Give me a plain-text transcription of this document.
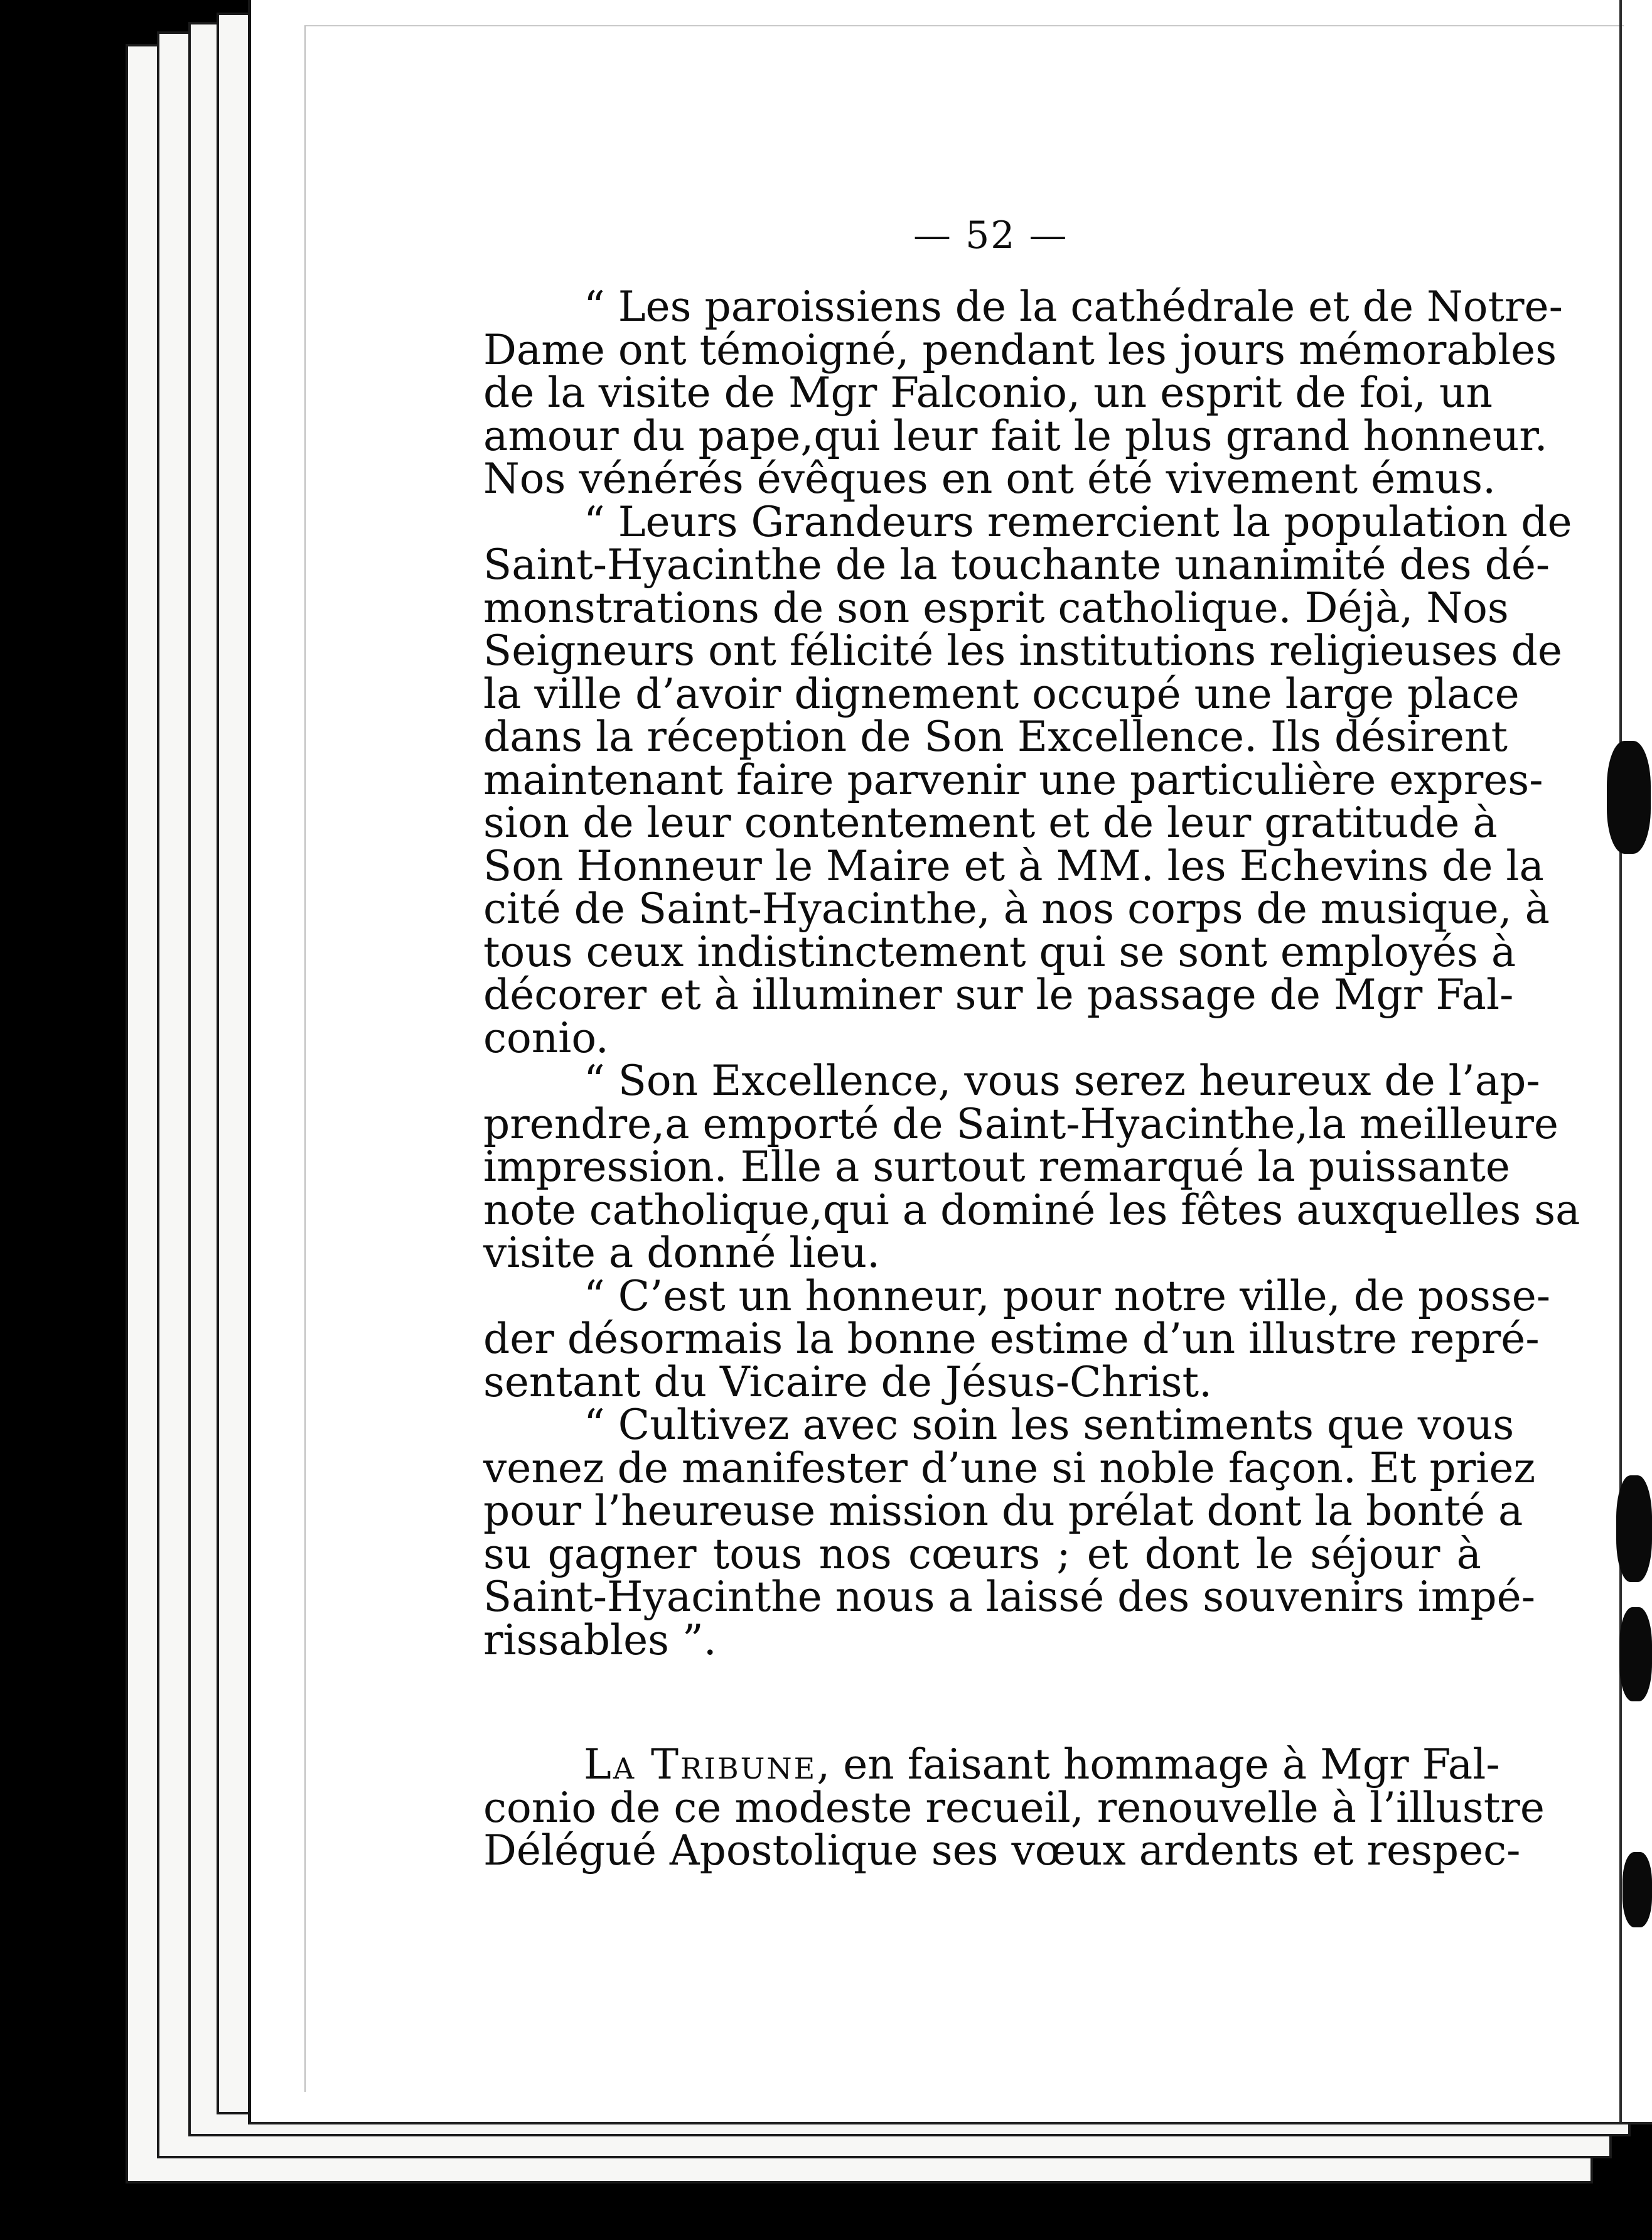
— 52 —
“ Les paroissiens de la cathédrale et de Notre-
Dame ont témoigné, pendant les jours mémorables
de la visite de Mgr Falconio, un esprit de foi, un
amour du pape,qui leur fait le plus grand honneur.
Nos vénérés évêques en ont été vivement émus.
“ Leurs Grandeurs remercient la population de
Saint-Hyacinthe de la touchante unanimité des dé-
monstrations de son esprit catholique. Déjà, Nos
Seigneurs ont félicité les institutions religieuses de
la ville d’avoir dignement occupé une large place
dans la réception de Son Excellence. Ils désirent
maintenant faire parvenir une particulière expres-
sion de leur contentement et de leur gratitude à
Son Honneur le Maire et à MM. les Echevins de la
cité de Saint-Hyacinthe, à nos corps de musique, à
tous ceux indistinctement qui se sont employés à
décorer et à illuminer sur le passage de Mgr Fal-
conio.
“ Son Excellence, vous serez heureux de l’ap-
prendre,a emporté de Saint-Hyacinthe,la meilleure
impression. Elle a surtout remarqué la puissante
note catholique,qui a dominé les fêtes auxquelles sa
visite a donné lieu.
“ C’est un honneur, pour notre ville, de posse-
der désormais la bonne estime d’un illustre repré-
sentant du Vicaire de Jésus-Christ.
“ Cultivez avec soin les sentiments que vous
venez de manifester d’une si noble façon. Et priez
pour l’heureuse mission du prélat dont la bonté a
su gagner tous nos cœurs ; et dont le séjour à
Saint-Hyacinthe nous a laissé des souvenirs impé-
rissables ”.
La Tribune, en faisant hommage à Mgr Fal-
conio de ce modeste recueil, renouvelle à l’illustre
Délégué Apostolique ses vœux ardents et respec-
